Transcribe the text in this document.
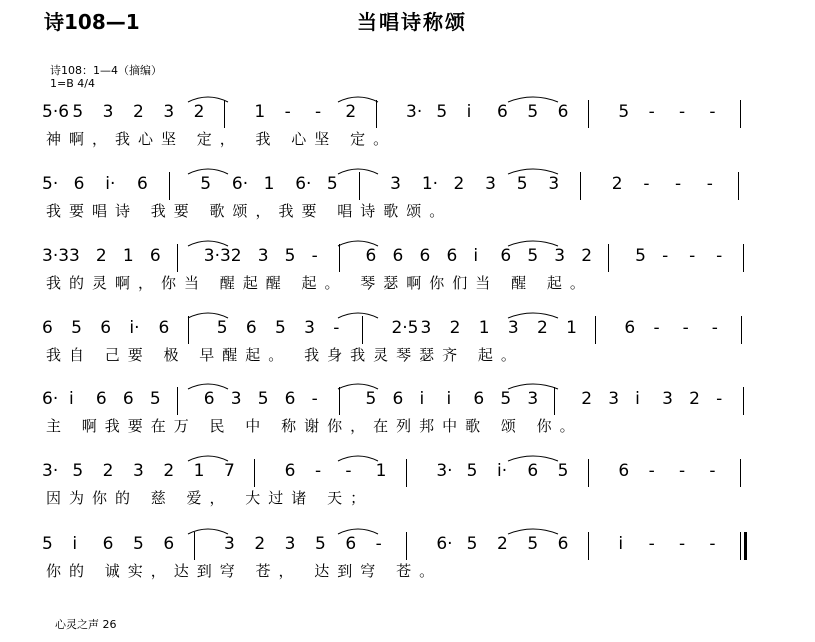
诗108—1	当唱诗称颂
诗108：1—4（摘编）
1=B 4/4
5·6 5 3 2 3 2	1 - - 2	3· 5 i 6 5 6	5 - - -
神啊，我心坚 定， 我 心坚 定。
5· 6 i· 6	5 6· 1 6· 5	3 1· 2 3 5 3	2 - - -
我要唱诗 我要 歌颂，我要 唱诗歌颂。
3·3 3 2 1 6	3·3 2 3 5 -	6 6 6 6 i 6 5 3 2	5 - - -
我的灵啊，你当 醒起醒 起。 琴瑟啊你们当 醒 起。
6 5 6 i· 6	5 6 5 3 -	2·5 3 2 1 3 2 1	6 - - -
我自 己要 极 早醒起。 我身我灵琴瑟齐 起。
6· i 6 6 5	6 3 5 6 -	5 6 i i 6 5 3	2 3 i 3 2 -
主 啊我要在万 民 中 称谢你，在列邦中歌 颂 你。
3· 5 2 3 2 1 7	6 - - 1	3· 5 i· 6 5	6 - - -
因为你的 慈 爱， 大过诸 天；
5 i 6 5 6	3 2 3 5 6 -	6· 5 2 5 6	i - - -
你的 诚实，达到穹 苍， 达到穹 苍。
心灵之声 26
